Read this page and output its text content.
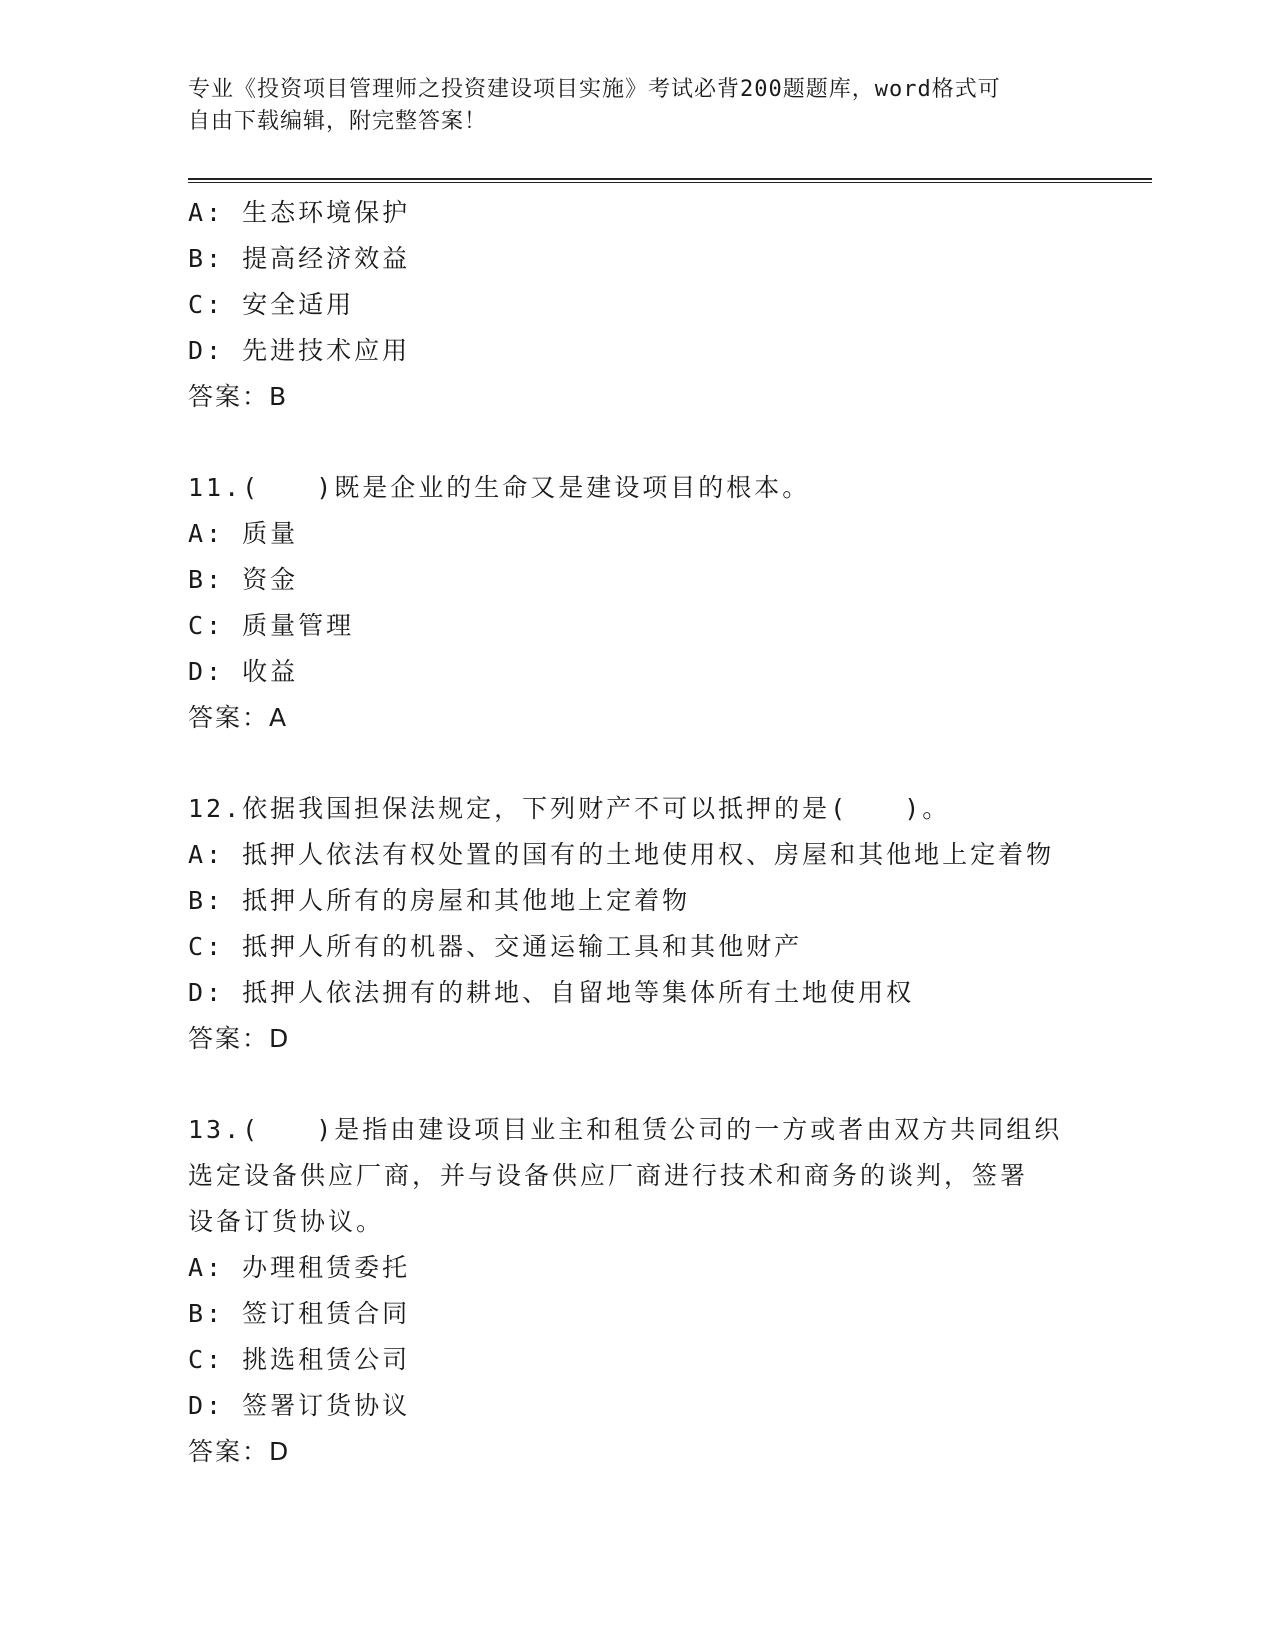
专业《投资项目管理师之投资建设项目实施》考试必背200题题库，word格式可
自由下载编辑，附完整答案！
A: 生态环境保护
B: 提高经济效益
C: 安全适用
D: 先进技术应用
答案：B
11.(　　)既是企业的生命又是建设项目的根本。
A: 质量
B: 资金
C: 质量管理
D: 收益
答案：A
12.依据我国担保法规定，下列财产不可以抵押的是(　　)。
A: 抵押人依法有权处置的国有的土地使用权、房屋和其他地上定着物
B: 抵押人所有的房屋和其他地上定着物
C: 抵押人所有的机器、交通运输工具和其他财产
D: 抵押人依法拥有的耕地、自留地等集体所有土地使用权
答案：D
13.(　　)是指由建设项目业主和租赁公司的一方或者由双方共同组织
选定设备供应厂商，并与设备供应厂商进行技术和商务的谈判，签署
设备订货协议。
A: 办理租赁委托
B: 签订租赁合同
C: 挑选租赁公司
D: 签署订货协议
答案：D
